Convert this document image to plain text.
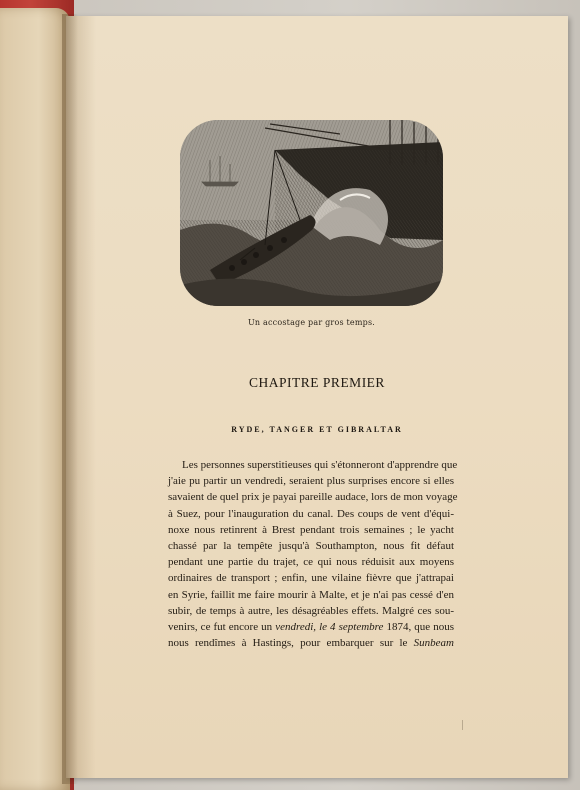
Un accostage par gros temps.
CHAPITRE PREMIER
RYDE, TANGER ET GIBRALTAR
Les personnes superstitieuses qui s'étonneront d'apprendre que
j'aie pu partir un vendredi, seraient plus surprises encore si elles
savaient de quel prix je payai pareille audace, lors de mon voyage
à Suez, pour l'inauguration du canal. Des coups de vent d'équi-
noxe nous retinrent à Brest pendant trois semaines ; le yacht
chassé par la tempête jusqu'à Southampton, nous fit défaut
pendant une partie du trajet, ce qui nous réduisit aux moyens
ordinaires de transport ; enfin, une vilaine fièvre que j'attrapai
en Syrie, faillit me faire mourir à Malte, et je n'ai pas cessé d'en
subir, de temps à autre, les désagréables effets. Malgré ces sou-
venirs, ce fut encore un vendredi, le 4 septembre 1874, que nous
nous rendîmes à Hastings, pour embarquer sur le Sunbeam
